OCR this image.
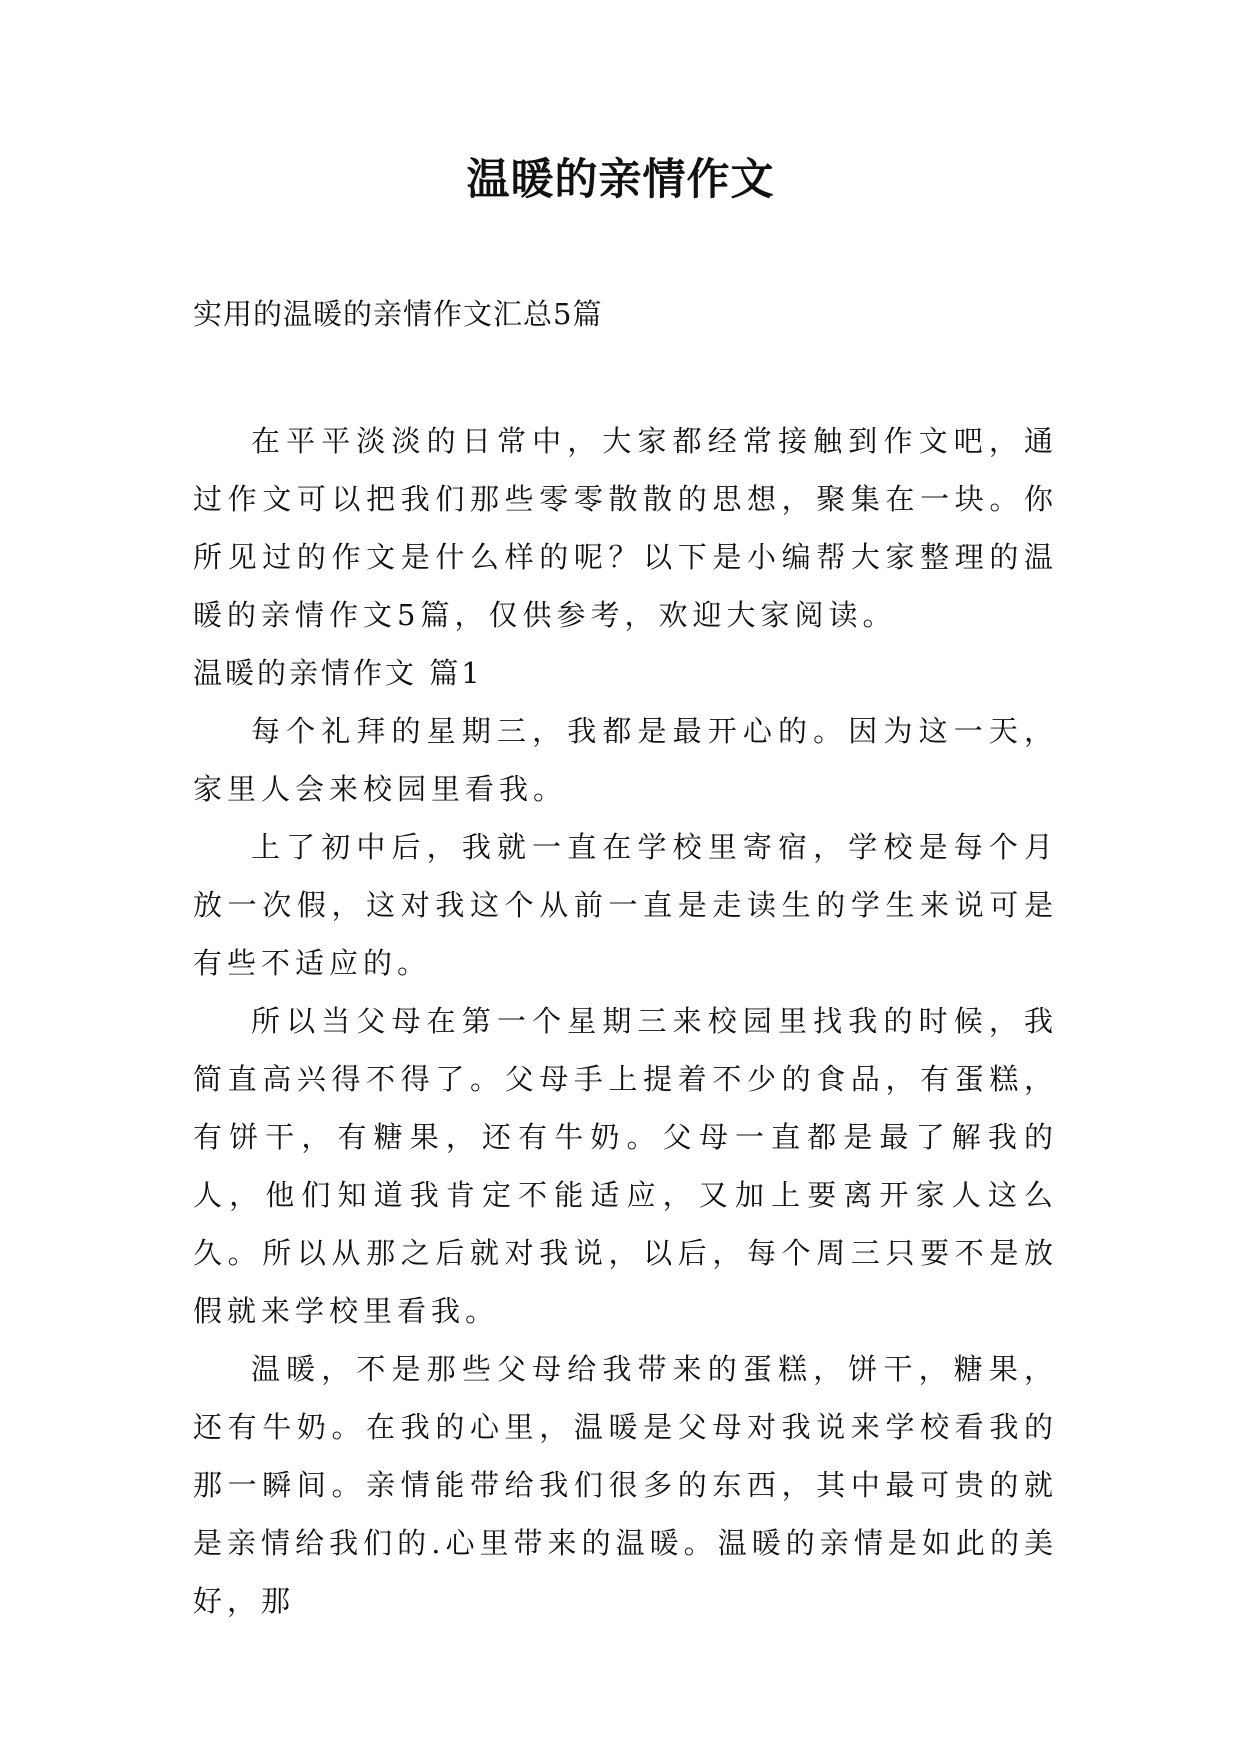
温暖的亲情作文

实用的温暖的亲情作文汇总5篇

在平平淡淡的日常中，大家都经常接触到作文吧，通过作文可以把我们那些零零散散的思想，聚集在一块。你所见过的作文是什么样的呢？以下是小编帮大家整理的温暖的亲情作文5篇，仅供参考，欢迎大家阅读。

温暖的亲情作文 篇1

每个礼拜的星期三，我都是最开心的。因为这一天，家里人会来校园里看我。

上了初中后，我就一直在学校里寄宿，学校是每个月放一次假，这对我这个从前一直是走读生的学生来说可是有些不适应的。

所以当父母在第一个星期三来校园里找我的时候，我简直高兴得不得了。父母手上提着不少的食品，有蛋糕，有饼干，有糖果，还有牛奶。父母一直都是最了解我的人，他们知道我肯定不能适应，又加上要离开家人这么久。所以从那之后就对我说，以后，每个周三只要不是放假就来学校里看我。

温暖，不是那些父母给我带来的蛋糕，饼干，糖果，还有牛奶。在我的心里，温暖是父母对我说来学校看我的那一瞬间。亲情能带给我们很多的东西，其中最可贵的就是亲情给我们的.心里带来的温暖。温暖的亲情是如此的美好，那
